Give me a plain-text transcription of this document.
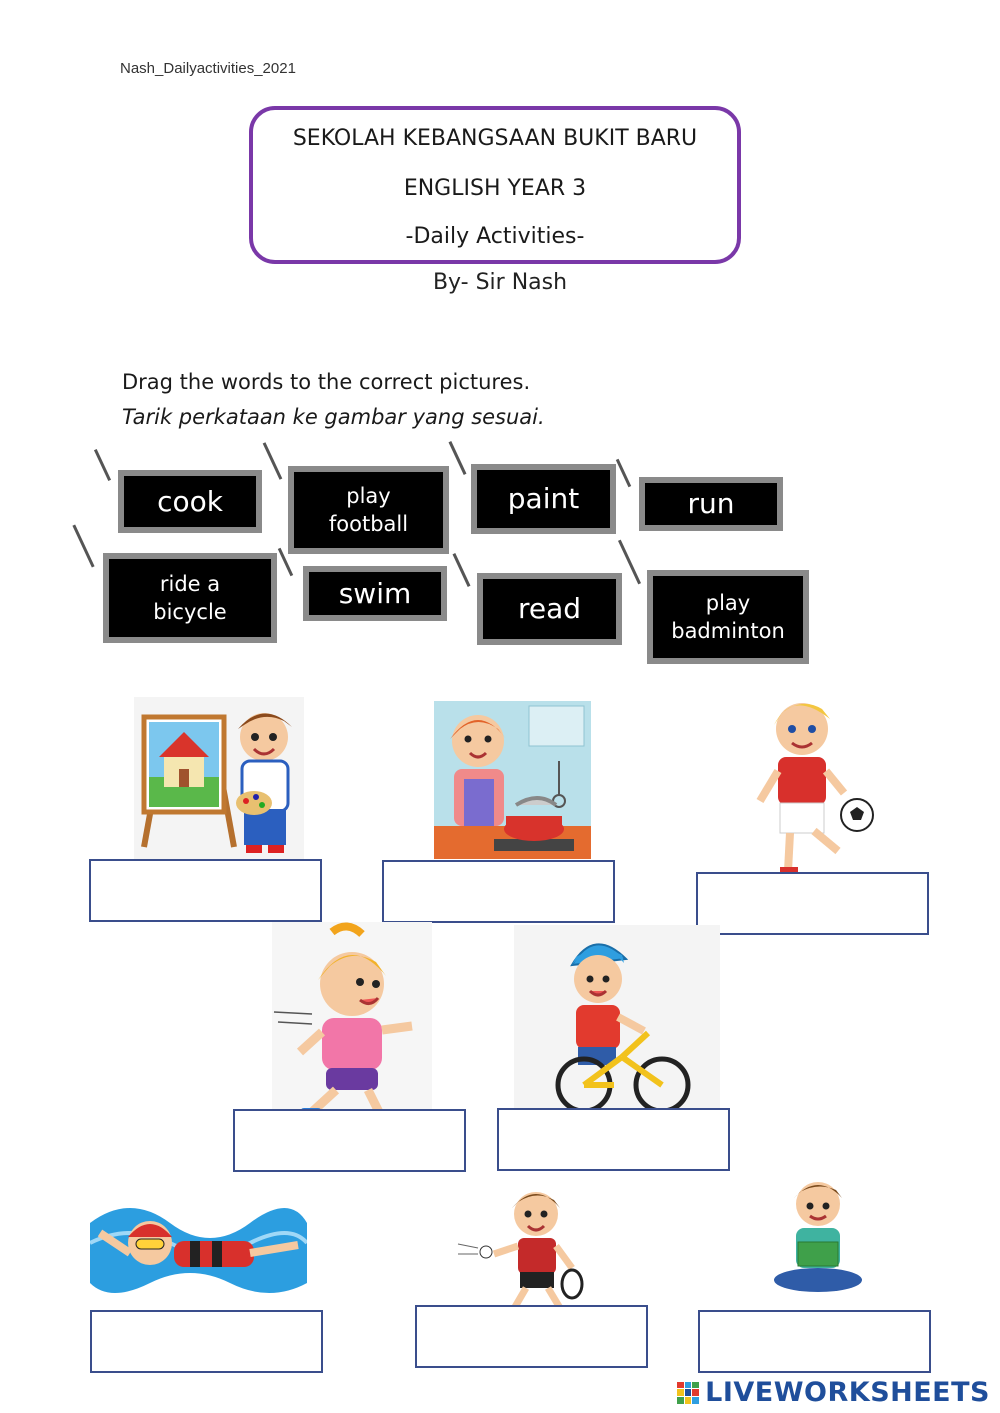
Nash_Dailyactivities_2021
SEKOLAH KEBANGSAAN BUKIT BARU
ENGLISH YEAR 3
-Daily Activities-
By- Sir Nash
Drag the words to the correct pictures.
Tarik perkataan ke gambar yang sesuai.
cook	play football
paint	run
ride a bicycle
swim	read	play badminton
LIVEWORKSHEETS
